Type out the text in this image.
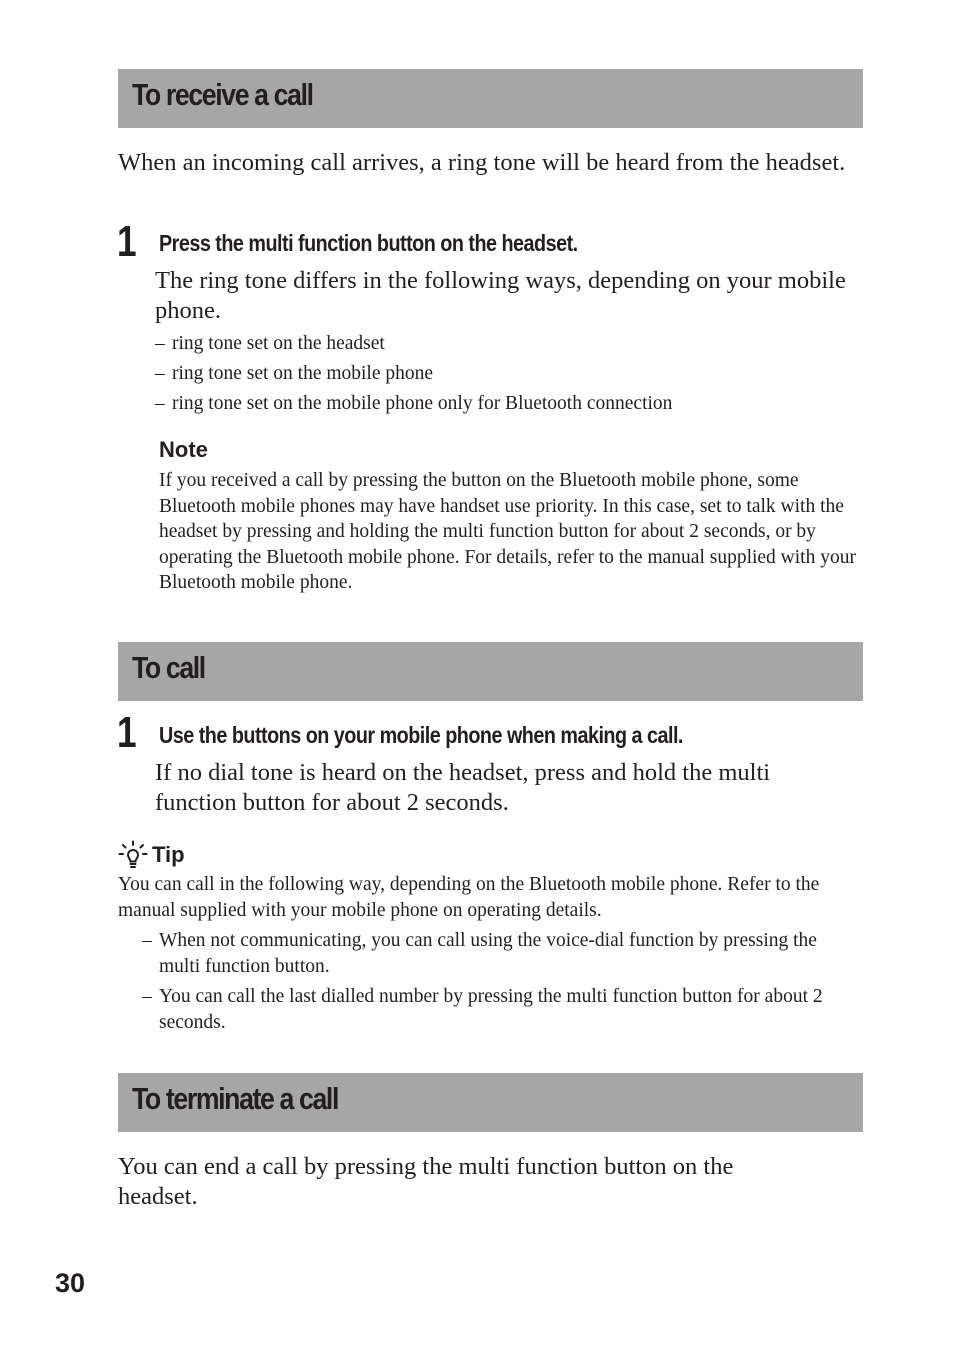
To receive a call

When an incoming call arrives, a ring tone will be heard from the headset.

1 Press the multi function button on the headset.

The ring tone differs in the following ways, depending on your mobile phone.

– ring tone set on the headset
– ring tone set on the mobile phone
– ring tone set on the mobile phone only for Bluetooth connection
Note

If you received a call by pressing the button on the Bluetooth mobile phone, some Bluetooth mobile phones may have handset use priority. In this case, set to talk with the headset by pressing and holding the multi function button for about 2 seconds, or by operating the Bluetooth mobile phone. For details, refer to the manual supplied with your Bluetooth mobile phone.

To call
1 Use the buttons on your mobile phone when making a call.

If no dial tone is heard on the headset, press and hold the multi function button for about 2 seconds.

Tip

You can call in the following way, depending on the Bluetooth mobile phone. Refer to the manual supplied with your mobile phone on operating details.

– When not communicating, you can call using the voice-dial function by pressing the multi function button.
– You can call the last dialled number by pressing the multi function button for about 2 seconds.
To terminate a call

You can end a call by pressing the multi function button on the headset.

30
